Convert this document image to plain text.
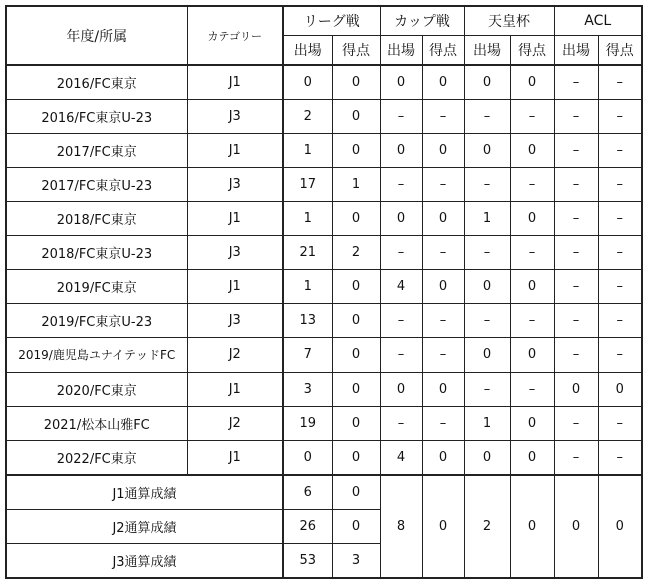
年度/所属	カテゴリー	リーグ戦		カップ戦		天皇杯		ACL	
		出場	得点	出場	得点	出場	得点	出場	得点
2016/FC東京	J1	0	0	0	0	0	0	–	–
2016/FC東京U-23	J3	2	0	–	–	–	–	–	–
2017/FC東京	J1	1	0	0	0	0	0	–	–
2017/FC東京U-23	J3	17	1	–	–	–	–	–	–
2018/FC東京	J1	1	0	0	0	1	0	–	–
2018/FC東京U-23	J3	21	2	–	–	–	–	–	–
2019/FC東京	J1	1	0	4	0	0	0	–	–
2019/FC東京U-23	J3	13	0	–	–	–	–	–	–
2019/鹿児島ユナイテッドFC	J2	7	0	–	–	0	0	–	–
2020/FC東京	J1	3	0	0	0	–	–	0	0
2021/松本山雅FC	J2	19	0	–	–	1	0	–	–
2022/FC東京	J1	0	0	4	0	0	0	–	–
J1通算成績		6	0	8	0	2	0	0	0
J2通算成績		26	0						
J3通算成績		53	3						
